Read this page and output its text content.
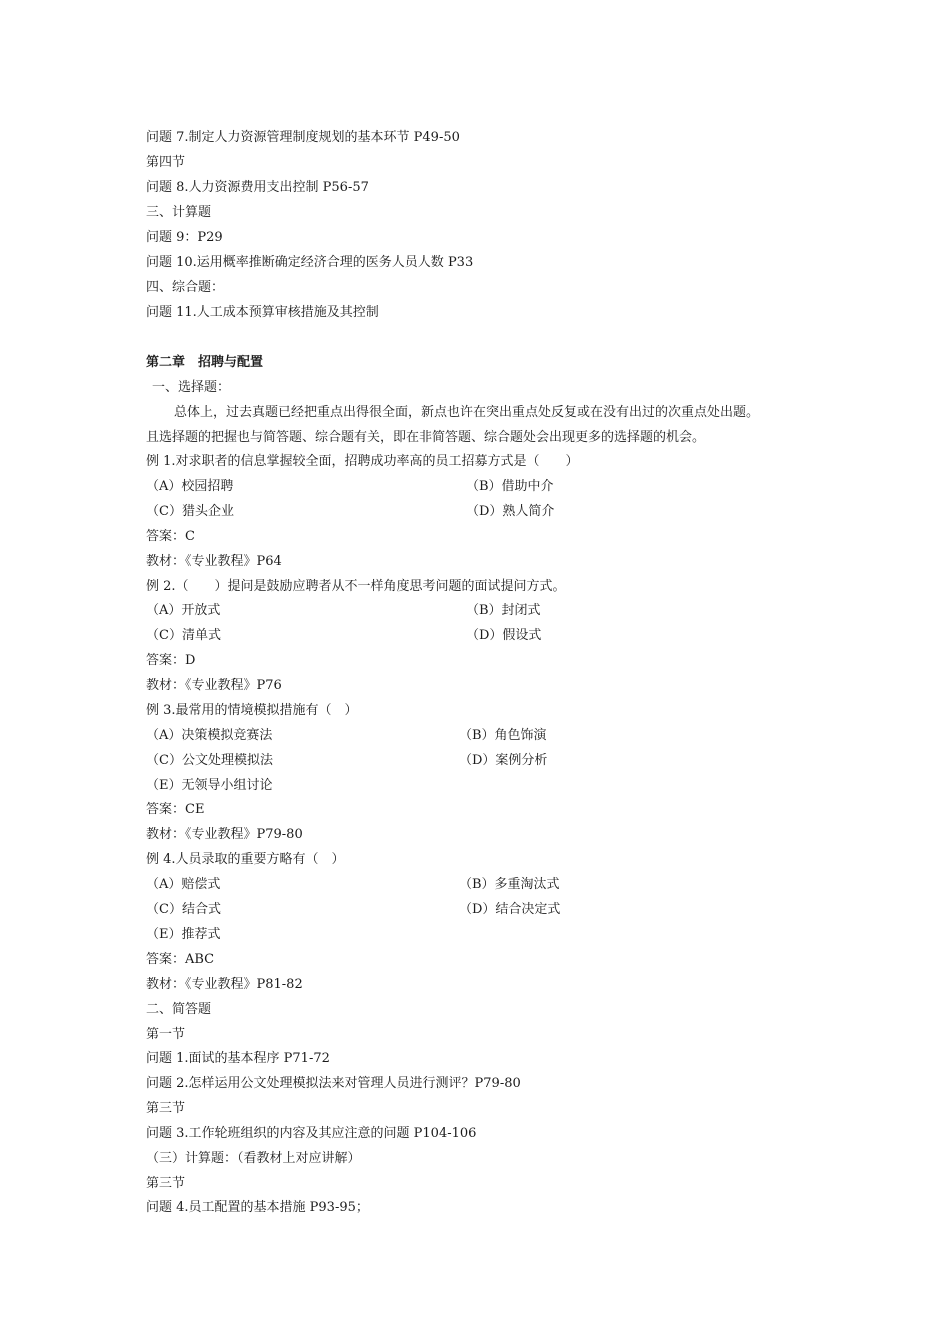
问题 7.制定人力资源管理制度规划的基本环节 P49-50
第四节
问题 8.人力资源费用支出控制 P56-57
三、计算题
问题 9：P29
问题 10.运用概率推断确定经济合理的医务人员人数 P33
四、综合题：
问题 11.人工成本预算审核措施及其控制
第二章　招聘与配置
一、选择题：
总体上，过去真题已经把重点出得很全面，新点也许在突出重点处反复或在没有出过的次重点处出题。
且选择题的把握也与简答题、综合题有关，即在非简答题、综合题处会出现更多的选择题的机会。
例 1.对求职者的信息掌握较全面，招聘成功率高的员工招募方式是（　　）
（A）校园招聘	（B）借助中介
（C）猎头企业	（D）熟人简介
答案：C
教材：《专业教程》P64
例 2.（　　）提问是鼓励应聘者从不一样角度思考问题的面试提问方式。
（A）开放式	（B）封闭式
（C）清单式	（D）假设式
答案：D
教材：《专业教程》P76
例 3.最常用的情境模拟措施有（　）
（A）决策模拟竞赛法	（B）角色饰演
（C）公文处理模拟法	（D）案例分析
（E）无领导小组讨论
答案：CE
教材：《专业教程》P79-80
例 4.人员录取的重要方略有（　）
（A）赔偿式	（B）多重淘汰式
（C）结合式	（D）结合决定式
（E）推荐式
答案：ABC
教材：《专业教程》P81-82
二、简答题
第一节
问题 1.面试的基本程序 P71-72
问题 2.怎样运用公文处理模拟法来对管理人员进行测评？P79-80
第三节
问题 3.工作轮班组织的内容及其应注意的问题 P104-106
（三）计算题：（看教材上对应讲解）
第三节
问题 4.员工配置的基本措施 P93-95；
